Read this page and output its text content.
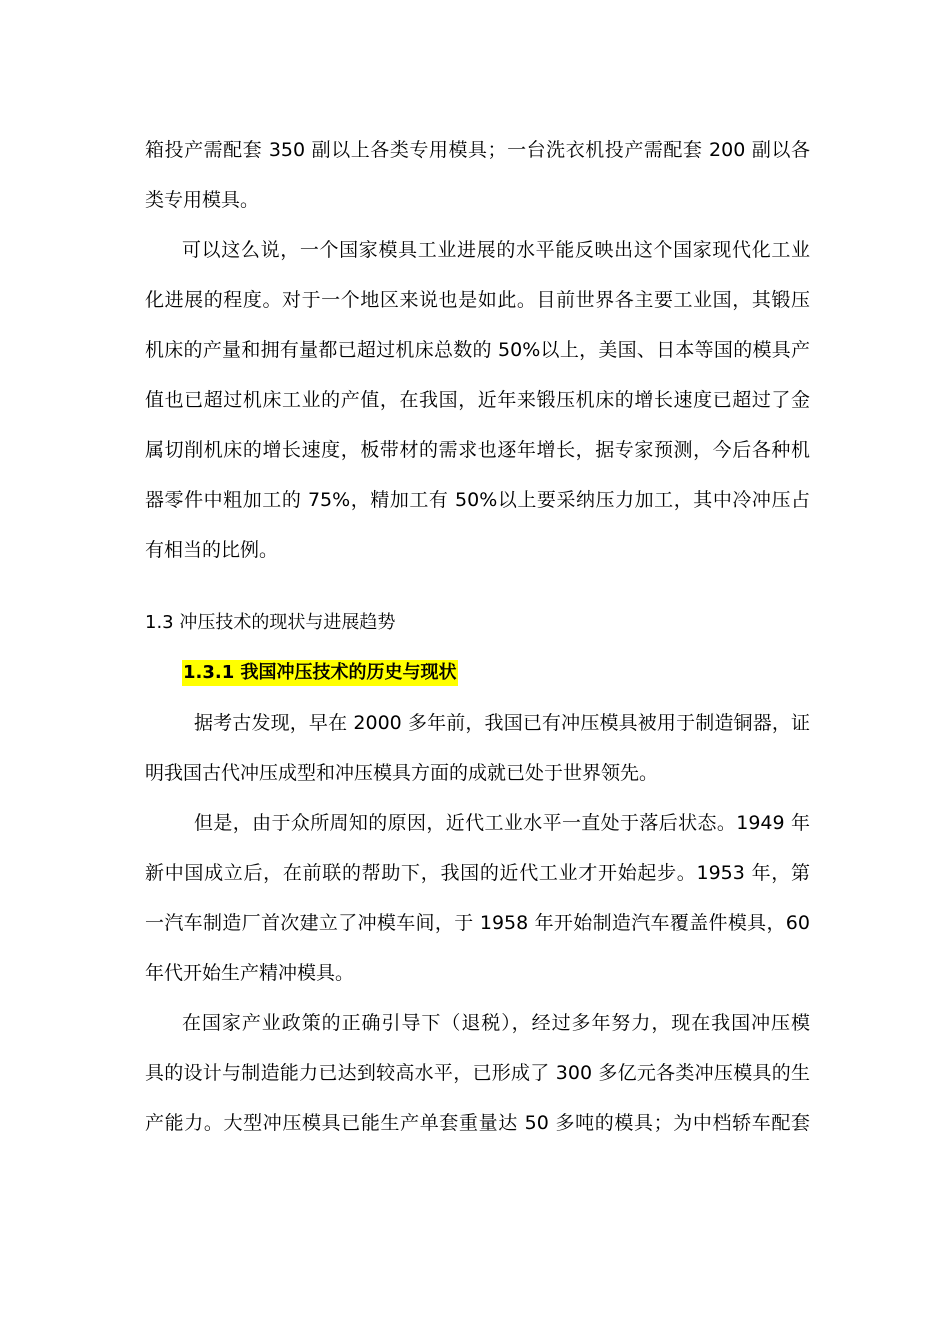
箱投产需配套 350 副以上各类专用模具；一台洗衣机投产需配套 200 副以各
类专用模具。
可以这么说，一个国家模具工业进展的水平能反映出这个国家现代化工业
化进展的程度。对于一个地区来说也是如此。目前世界各主要工业国，其锻压
机床的产量和拥有量都已超过机床总数的 50%以上，美国、日本等国的模具产
值也已超过机床工业的产值，在我国，近年来锻压机床的增长速度已超过了金
属切削机床的增长速度，板带材的需求也逐年增长，据专家预测，今后各种机
器零件中粗加工的 75%，精加工有 50%以上要采纳压力加工，其中冷冲压占
有相当的比例。
1.3 冲压技术的现状与进展趋势
1.3.1 我国冲压技术的历史与现状
据考古发现，早在 2000 多年前，我国已有冲压模具被用于制造铜器，证
明我国古代冲压成型和冲压模具方面的成就已处于世界领先。
但是，由于众所周知的原因，近代工业水平一直处于落后状态。1949 年
新中国成立后，在前联的帮助下，我国的近代工业才开始起步。1953 年，第
一汽车制造厂首次建立了冲模车间，于 1958 年开始制造汽车覆盖件模具，60
年代开始生产精冲模具。
在国家产业政策的正确引导下（退税），经过多年努力，现在我国冲压模
具的设计与制造能力已达到较高水平，已形成了 300 多亿元各类冲压模具的生
产能力。大型冲压模具已能生产单套重量达 50 多吨的模具；为中档轿车配套
